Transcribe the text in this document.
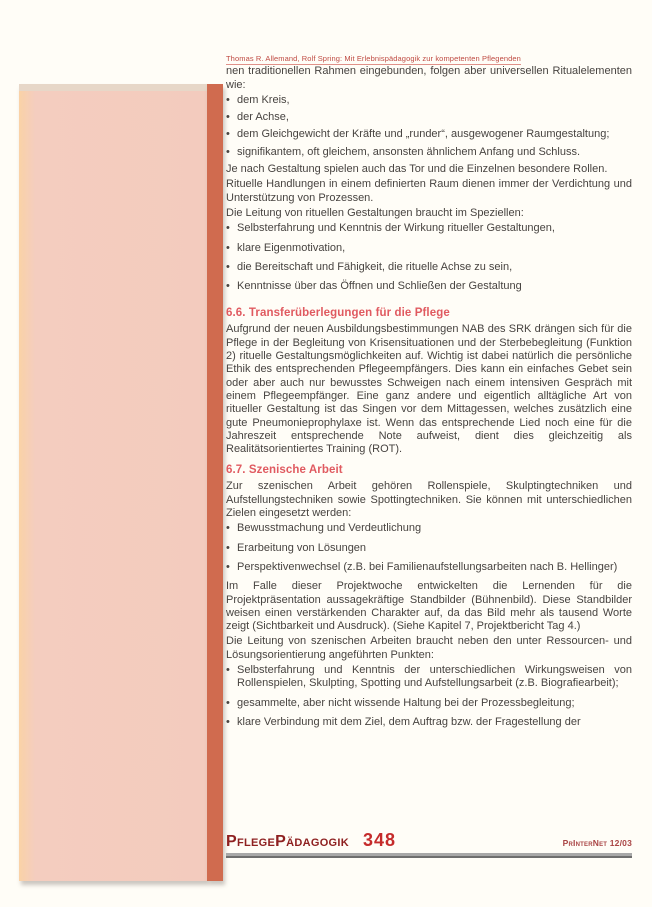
Thomas R. Allemand, Rolf Spring: Mit Erlebnispädagogik zur kompetenten Pflegenden

nen traditionellen Rahmen eingebunden, folgen aber universellen Ritualelementen wie:

• dem Kreis,
• der Achse,
• dem Gleichgewicht der Kräfte und „runder“, ausgewogener Raumgestaltung;
• signifikantem, oft gleichem, ansonsten ähnlichem Anfang und Schluss.

Je nach Gestaltung spielen auch das Tor und die Einzelnen besondere Rollen.

Rituelle Handlungen in einem definierten Raum dienen immer der Verdichtung und Unterstützung von Prozessen.

Die Leitung von rituellen Gestaltungen braucht im Speziellen:

• Selbsterfahrung und Kenntnis der Wirkung ritueller Gestaltungen,
• klare Eigenmotivation,
• die Bereitschaft und Fähigkeit, die rituelle Achse zu sein,
• Kenntnisse über das Öffnen und Schließen der Gestaltung
6.6. Transferüberlegungen für die Pflege

Aufgrund der neuen Ausbildungsbestimmungen NAB des SRK drängen sich für die Pflege in der Begleitung von Krisensituationen und der Sterbebegleitung (Funktion 2) rituelle Gestaltungsmöglichkeiten auf. Wichtig ist dabei natürlich die persönliche Ethik des entsprechenden Pflegeempfängers. Dies kann ein einfaches Gebet sein oder aber auch nur bewusstes Schweigen nach einem intensiven Gespräch mit einem Pflegeempfänger. Eine ganz andere und eigentlich alltägliche Art von ritueller Gestaltung ist das Singen vor dem Mittagessen, welches zusätzlich eine gute Pneumonieprophylaxe ist. Wenn das entsprechende Lied noch eine für die Jahreszeit entsprechende Note aufweist, dient dies gleichzeitig als Realitätsorientiertes Training (ROT).

6.7. Szenische Arbeit

Zur szenischen Arbeit gehören Rollenspiele, Skulptingtechniken und Aufstellungstechniken sowie Spottingtechniken. Sie können mit unterschiedlichen Zielen eingesetzt werden:

• Bewusstmachung und Verdeutlichung
• Erarbeitung von Lösungen
• Perspektivenwechsel (z.B. bei Familienaufstellungsarbeiten nach B. Hellinger)

Im Falle dieser Projektwoche entwickelten die Lernenden für die Projektpräsentation aussagekräftige Standbilder (Bühnenbild). Diese Standbilder weisen einen verstärkenden Charakter auf, da das Bild mehr als tausend Worte zeigt (Sichtbarkeit und Ausdruck). (Siehe Kapitel 7, Projektbericht Tag 4.)

Die Leitung von szenischen Arbeiten braucht neben den unter Ressourcen- und Lösungsorientierung angeführten Punkten:

• Selbsterfahrung und Kenntnis der unterschiedlichen Wirkungsweisen von Rollenspielen, Skulpting, Spotting und Aufstellungsarbeit (z.B. Biografiearbeit);
• gesammelte, aber nicht wissende Haltung bei der Prozessbegleitung;
• klare Verbindung mit dem Ziel, dem Auftrag bzw. der Fragestellung der
PflegePädagogik 348	PrInterNet 12/03
